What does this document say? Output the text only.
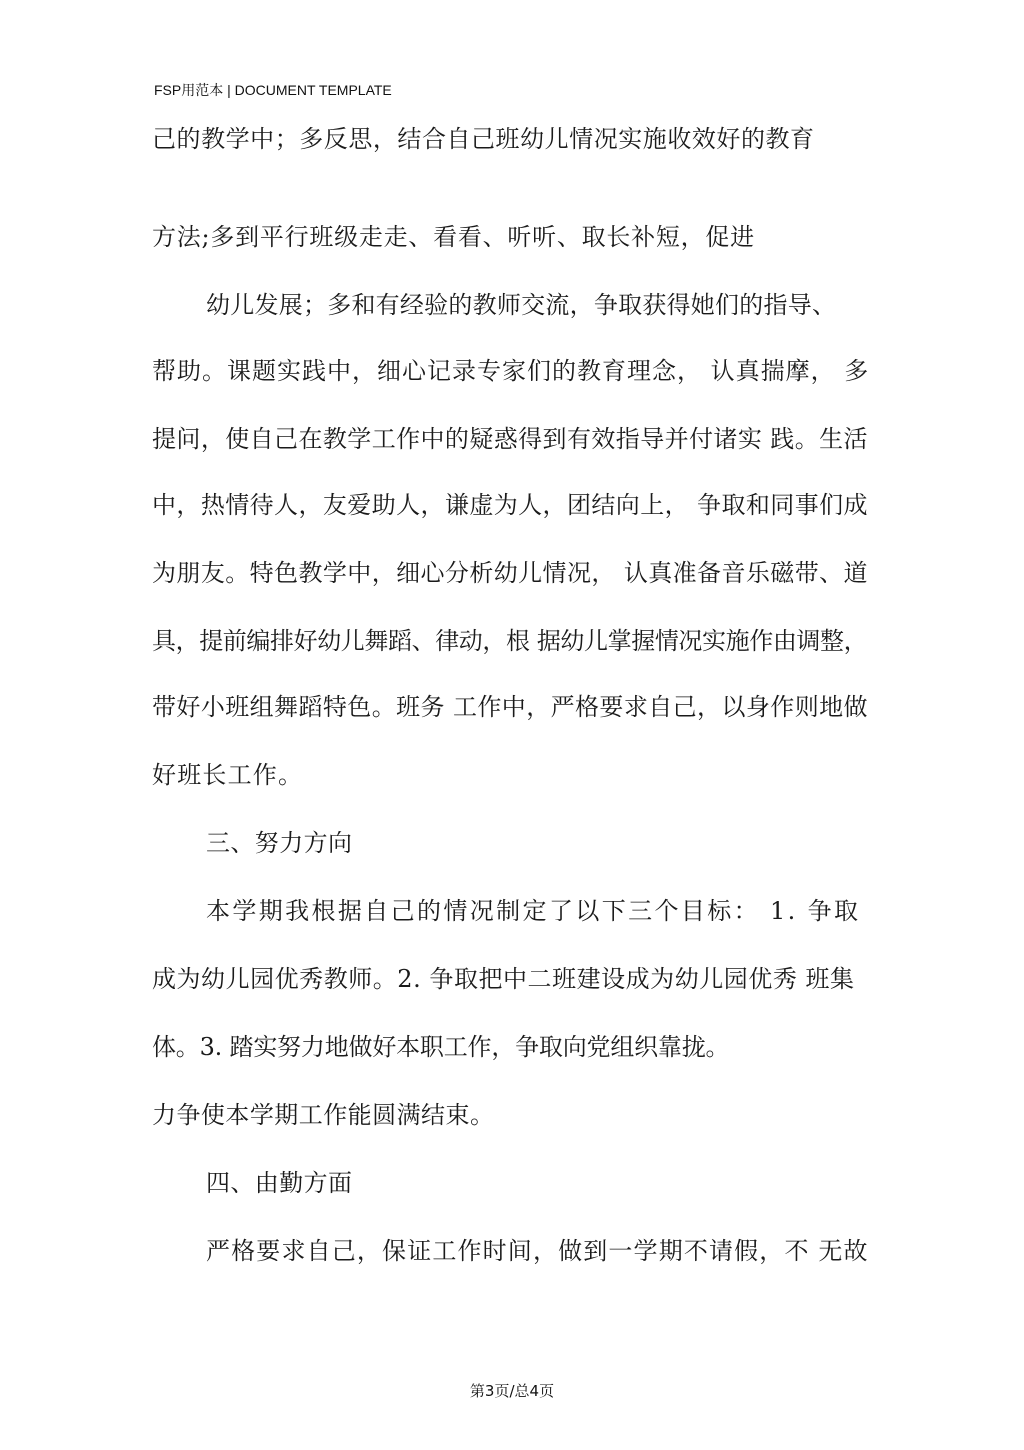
FSP用范本 | DOCUMENT TEMPLATE
己的教学中；多反思，结合自己班幼儿情况实施收效好的教育
方法;多到平行班级走走、看看、听听、取长补短，促进
幼儿发展；多和有经验的教师交流，争取获得她们的指导、
帮助。课题实践中，细心记录专家们的教育理念， 认真揣摩， 多
提问，使自己在教学工作中的疑惑得到有效指导并付诸实 践。生活
中，热情待人，友爱助人，谦虚为人，团结向上， 争取和同事们成
为朋友。特色教学中，细心分析幼儿情况， 认真准备音乐磁带、道
具，提前编排好幼儿舞蹈、律动，根 据幼儿掌握情况实施作由调整，
带好小班组舞蹈特色。班务 工作中，严格要求自己，以身作则地做
好班长工作。
三、努力方向
本学期我根据自己的情况制定了以下三个目标： 1. 争取
成为幼儿园优秀教师。2. 争取把中二班建设成为幼儿园优秀 班集
体。3. 踏实努力地做好本职工作，争取向党组织靠拢。
力争使本学期工作能圆满结束。
四、由勤方面
严格要求自己，保证工作时间，做到一学期不请假，不 无故
第3页/总4页
